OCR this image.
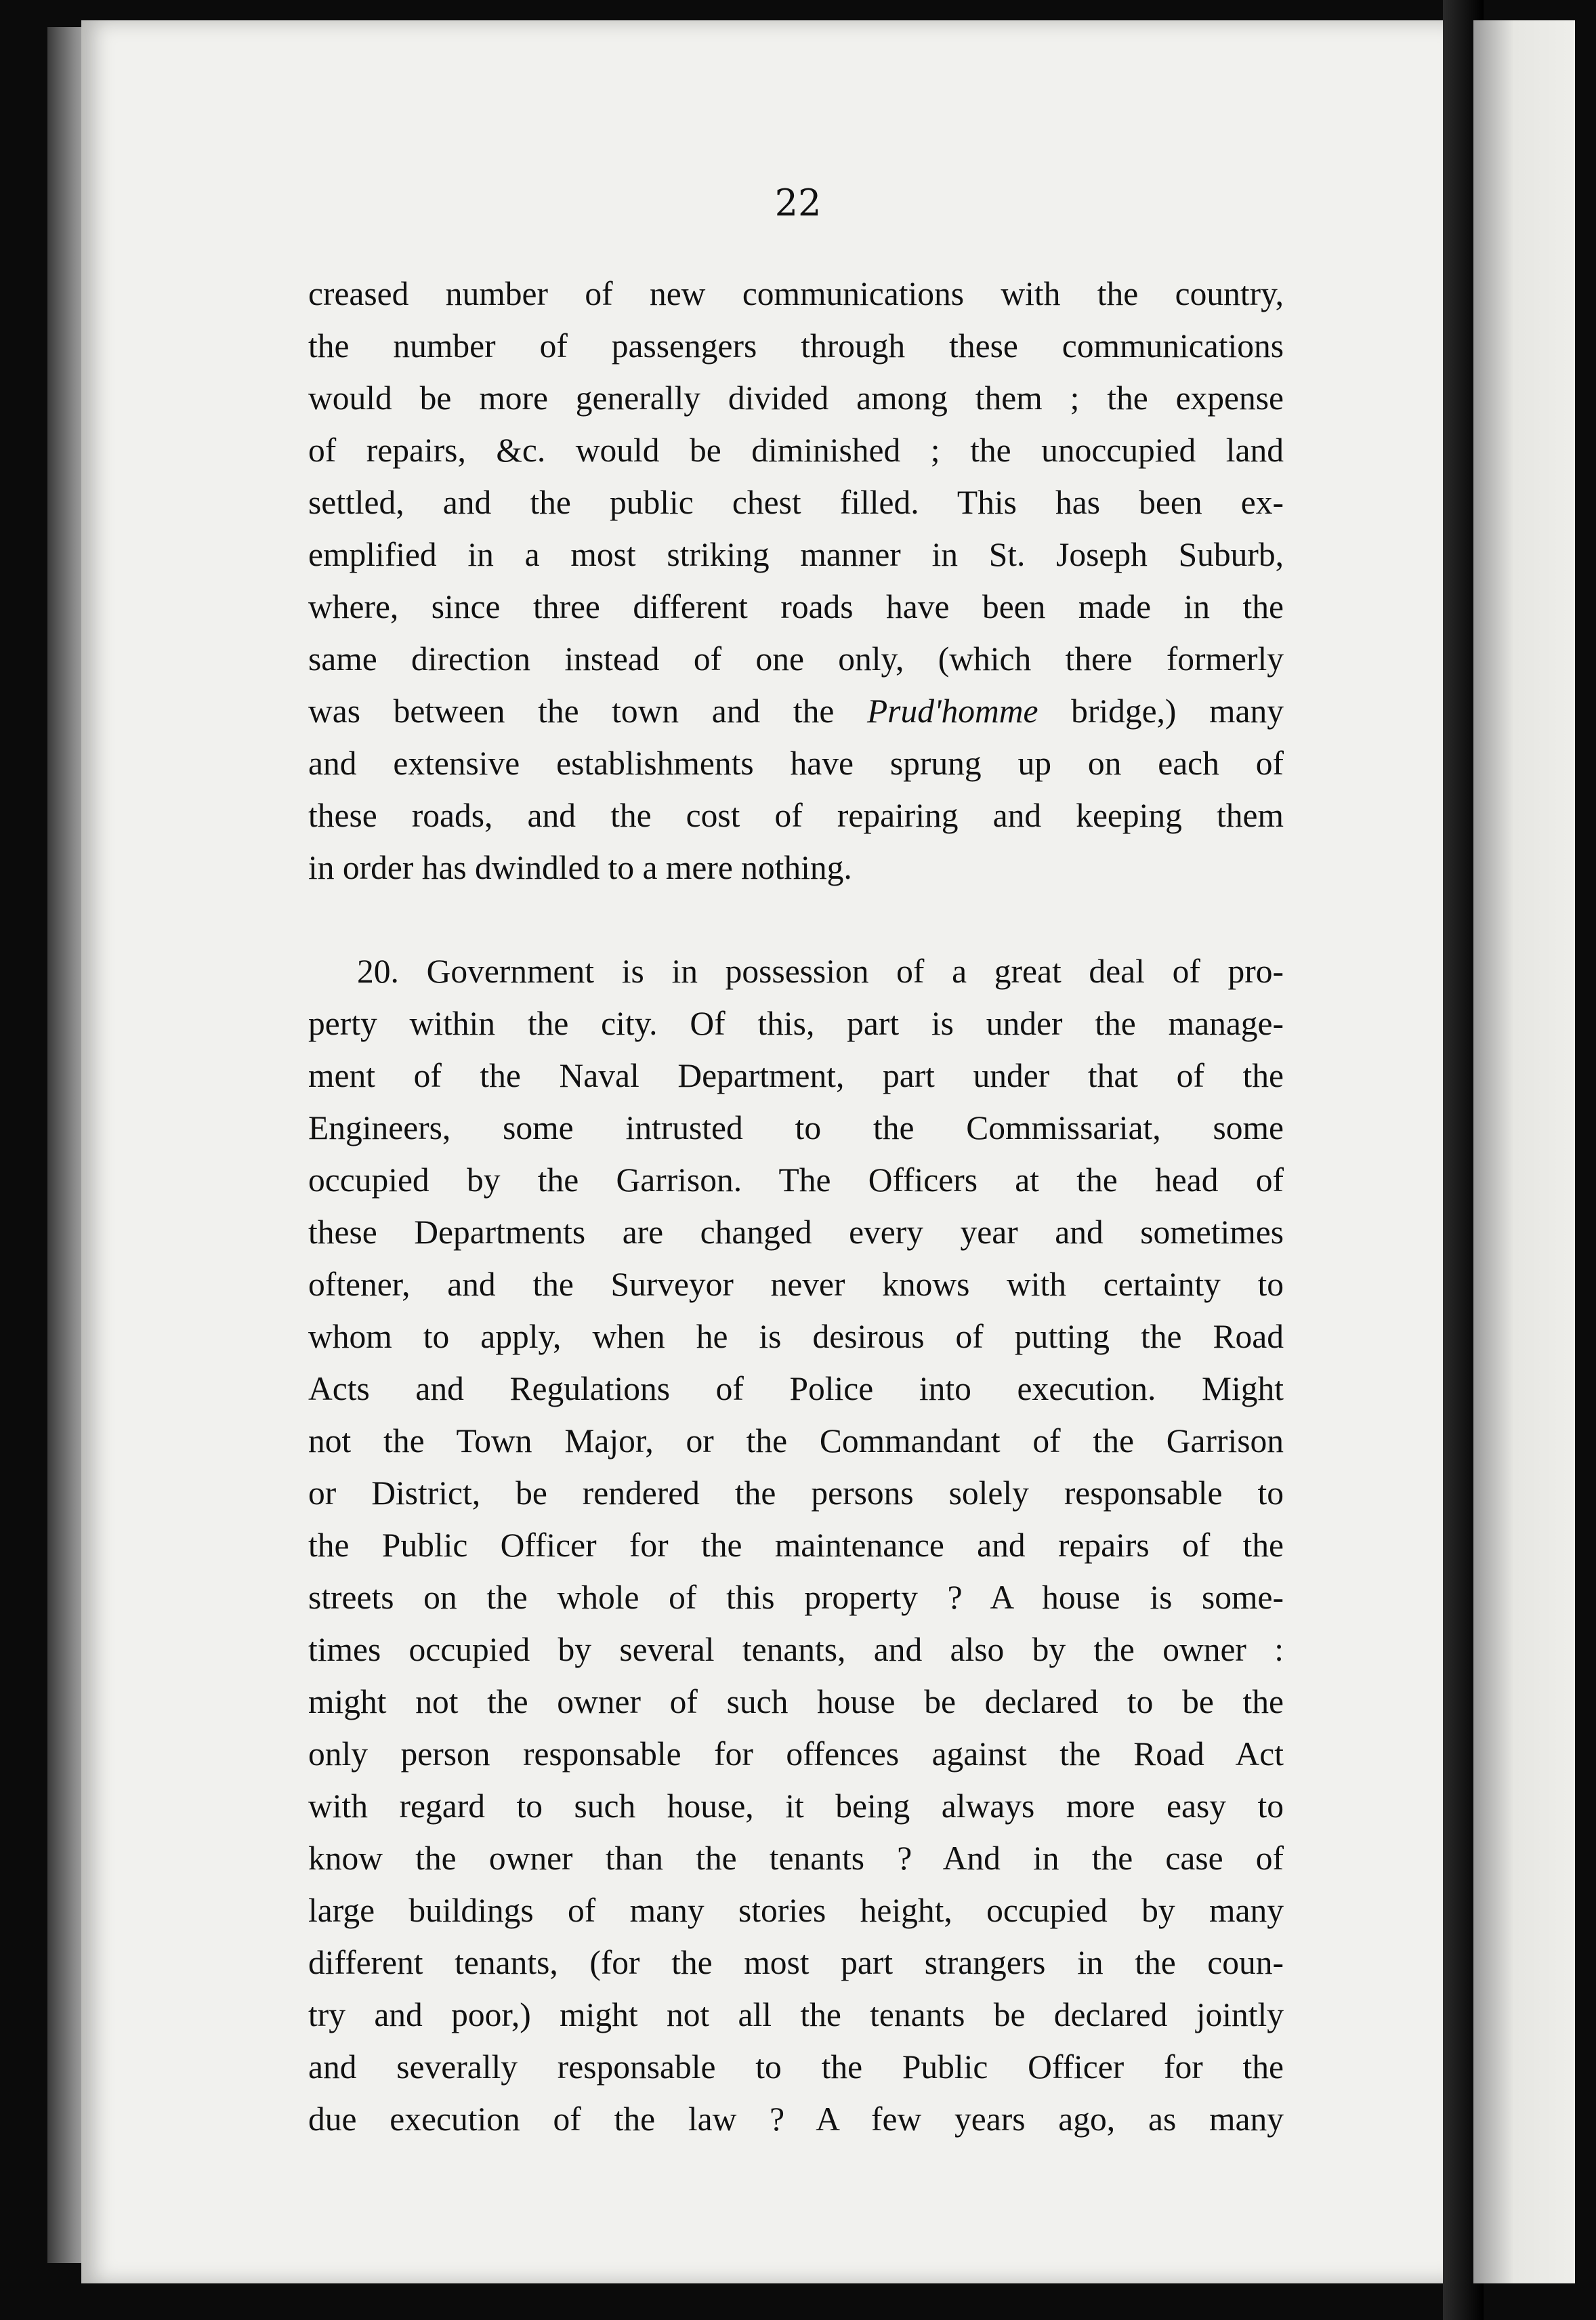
22
creased number of new communications with the country,
the number of passengers through these communications
would be more generally divided among them ; the expense
of repairs, &c. would be diminished ; the unoccupied land
settled, and the public chest filled. This has been ex-
emplified in a most striking manner in St. Joseph Suburb,
where, since three different roads have been made in the
same direction instead of one only, (which there formerly
was between the town and the Prud'homme bridge,) many
and extensive establishments have sprung up on each of
these roads, and the cost of repairing and keeping them
in order has dwindled to a mere nothing.
20. Government is in possession of a great deal of pro-
perty within the city. Of this, part is under the manage-
ment of the Naval Department, part under that of the
Engineers, some intrusted to the Commissariat, some
occupied by the Garrison. The Officers at the head of
these Departments are changed every year and sometimes
oftener, and the Surveyor never knows with certainty to
whom to apply, when he is desirous of putting the Road
Acts and Regulations of Police into execution. Might
not the Town Major, or the Commandant of the Garrison
or District, be rendered the persons solely responsable to
the Public Officer for the maintenance and repairs of the
streets on the whole of this property ? A house is some-
times occupied by several tenants, and also by the owner :
might not the owner of such house be declared to be the
only person responsable for offences against the Road Act
with regard to such house, it being always more easy to
know the owner than the tenants ? And in the case of
large buildings of many stories height, occupied by many
different tenants, (for the most part strangers in the coun-
try and poor,) might not all the tenants be declared jointly
and severally responsable to the Public Officer for the
due execution of the law ? A few years ago, as many
